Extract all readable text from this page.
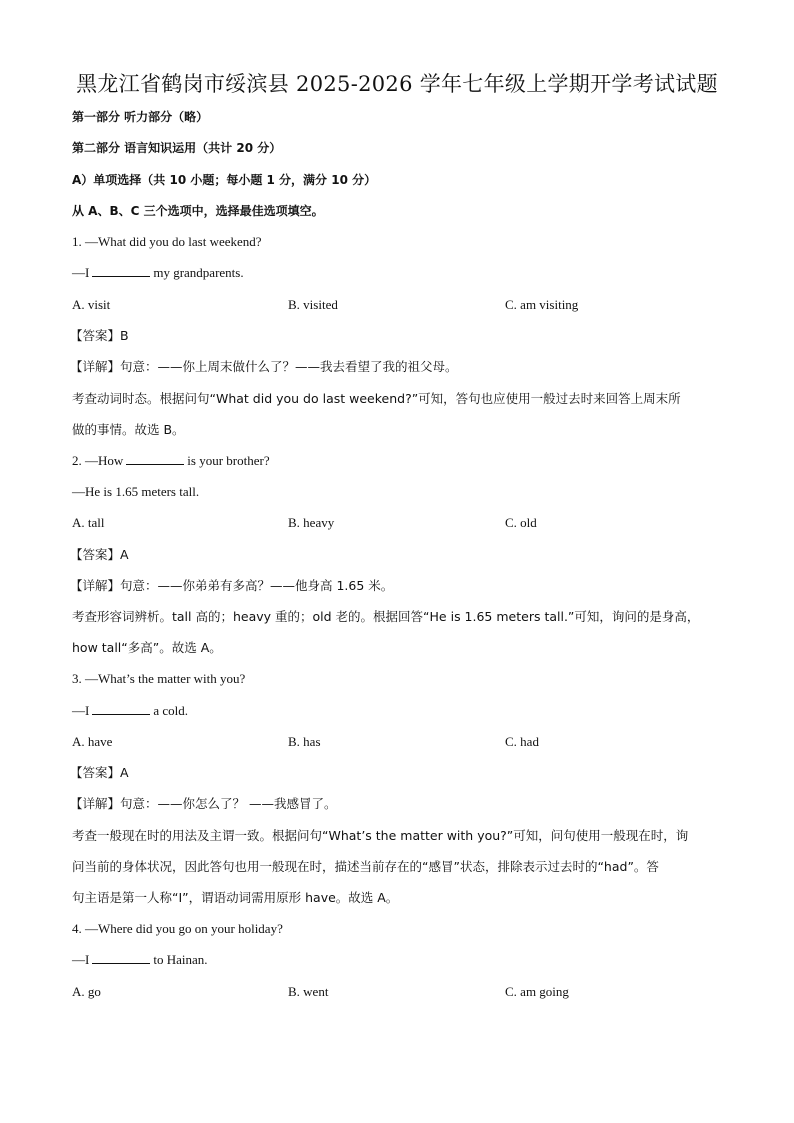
黑龙江省鹤岗市绥滨县 2025-2026 学年七年级上学期开学考试试题
第一部分 听力部分（略）
第二部分 语言知识运用（共计 20 分）
A）单项选择（共 10 小题；每小题 1 分，满分 10 分）
从 A、B、C 三个选项中，选择最佳选项填空。
1. —What did you do last weekend?
—I	my grandparents.
A. visit	B. visited	C. am visiting
【答案】B
【详解】句意：——你上周末做什么了？——我去看望了我的祖父母。
考查动词时态。根据问句“What did you do last weekend?”可知，答句也应使用一般过去时来回答上周末所
做的事情。故选 B。
2. —How	is your brother?
—He is 1.65 meters tall.
A. tall	B. heavy	C. old
【答案】A
【详解】句意：——你弟弟有多高？——他身高 1.65 米。
考查形容词辨析。tall 高的；heavy 重的；old 老的。根据回答“He is 1.65 meters tall.”可知，询问的是身高，
how tall“多高”。故选 A。
3. —What’s the matter with you?
—I	a cold.
A. have	B. has	C. had
【答案】A
【详解】句意：——你怎么了？ ——我感冒了。
考查一般现在时的用法及主谓一致。根据问句“What’s the matter with you?”可知，问句使用一般现在时，询
问当前的身体状况，因此答句也用一般现在时，描述当前存在的“感冒”状态，排除表示过去时的“had”。答
句主语是第一人称“I”，谓语动词需用原形 have。故选 A。
4. —Where did you go on your holiday?
—I	to Hainan.
A. go	B. went	C. am going
